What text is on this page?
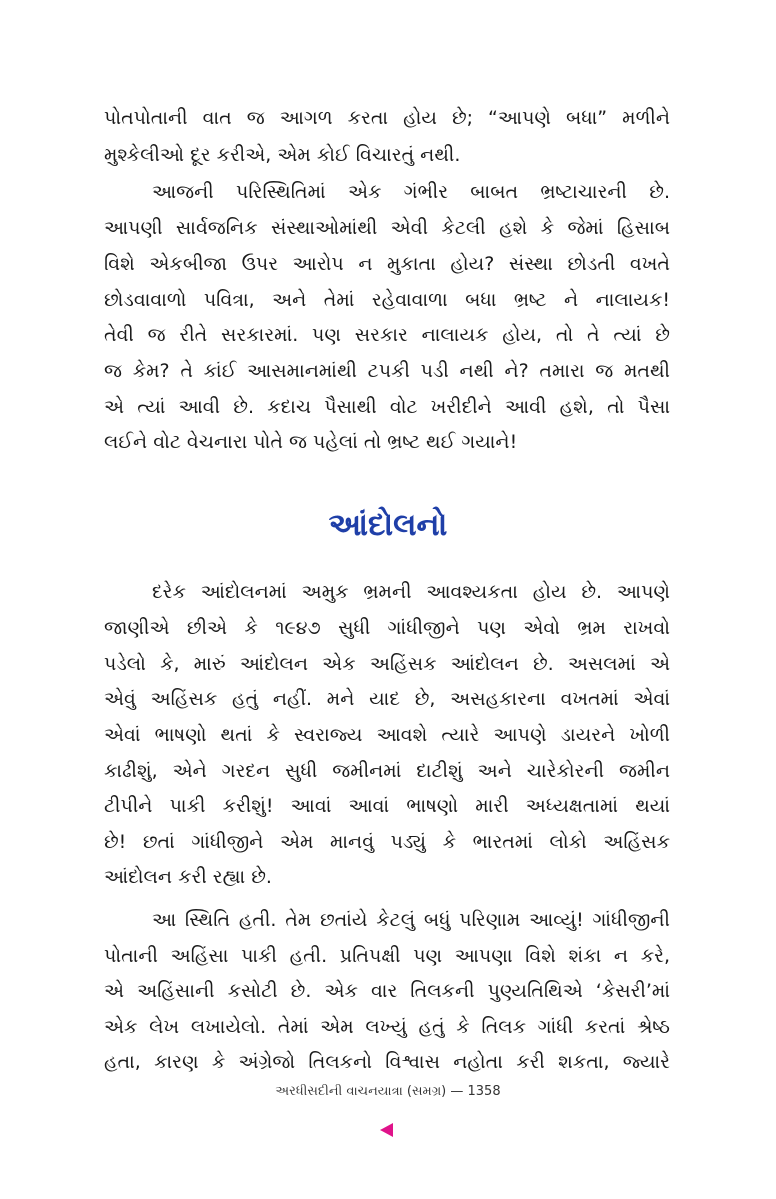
પોતપોતાની વાત જ આગળ કરતા હોય છે; “આપણે બધા” મળીને
મુશ્કેલીઓ દૂર કરીએ, એમ કોઈ વિચારતું નથી.
આજની પરિસ્થિતિમાં એક ગંભીર બાબત ભ્રષ્ટાચારની છે.
આપણી સાર્વજનિક સંસ્થાઓમાંથી એવી કેટલી હશે કે જેમાં હિસાબ
વિશે એકબીજા ઉપર આરોપ ન મુકાતા હોય? સંસ્થા છોડતી વખતે
છોડવાવાળો પવિત્રા, અને તેમાં રહેવાવાળા બધા ભ્રષ્ટ ને નાલાયક!
તેવી જ રીતે સરકારમાં. પણ સરકાર નાલાયક હોય, તો તે ત્યાં છે
જ કેમ? તે કાંઈ આસમાનમાંથી ટપકી પડી નથી ને? તમારા જ મતથી
એ ત્યાં આવી છે. કદાચ પૈસાથી વોટ ખરીદીને આવી હશે, તો પૈસા
લઈને વોટ વેચનારા પોતે જ પહેલાં તો ભ્રષ્ટ થઈ ગયાને!
આંદોલનો
દરેક આંદોલનમાં અમુક ભ્રમની આવશ્યકતા હોય છે. આપણે
જાણીએ છીએ કે ૧૯૪૭ સુધી ગાંધીજીને પણ એવો ભ્રમ રાખવો
પડેલો કે, મારું આંદોલન એક અહિંસક આંદોલન છે. અસલમાં એ
એવું અહિંસક હતું નહીં. મને યાદ છે, અસહકારના વખતમાં એવાં
એવાં ભાષણો થતાં કે સ્વરાજ્ય આવશે ત્યારે આપણે ડાયરને ખોળી
કાઢીશું, એને ગરદન સુધી જમીનમાં દાટીશું અને ચારેકોરની જમીન
ટીપીને પાકી કરીશું! આવાં આવાં ભાષણો મારી અધ્યક્ષતામાં થયાં
છે! છતાં ગાંધીજીને એમ માનવું પડ્યું કે ભારતમાં લોકો અહિંસક
આંદોલન કરી રહ્યા છે.
આ સ્થિતિ હતી. તેમ છતાંયે કેટલું બધું પરિણામ આવ્યું! ગાંધીજીની
પોતાની અહિંસા પાકી હતી. પ્રતિપક્ષી પણ આપણા વિશે શંકા ન કરે,
એ અહિંસાની કસોટી છે. એક વાર તિલકની પુણ્યતિથિએ ‘કેસરી’માં
એક લેખ લખાયેલો. તેમાં એમ લખ્યું હતું કે તિલક ગાંધી કરતાં શ્રેષ્ઠ
હતા, કારણ કે અંગ્રેજો તિલકનો વિશ્વાસ નહોતા કરી શકતા, જ્યારે
અરધીસદીની વાચનયાત્રા (સમગ્ર) — 1358
